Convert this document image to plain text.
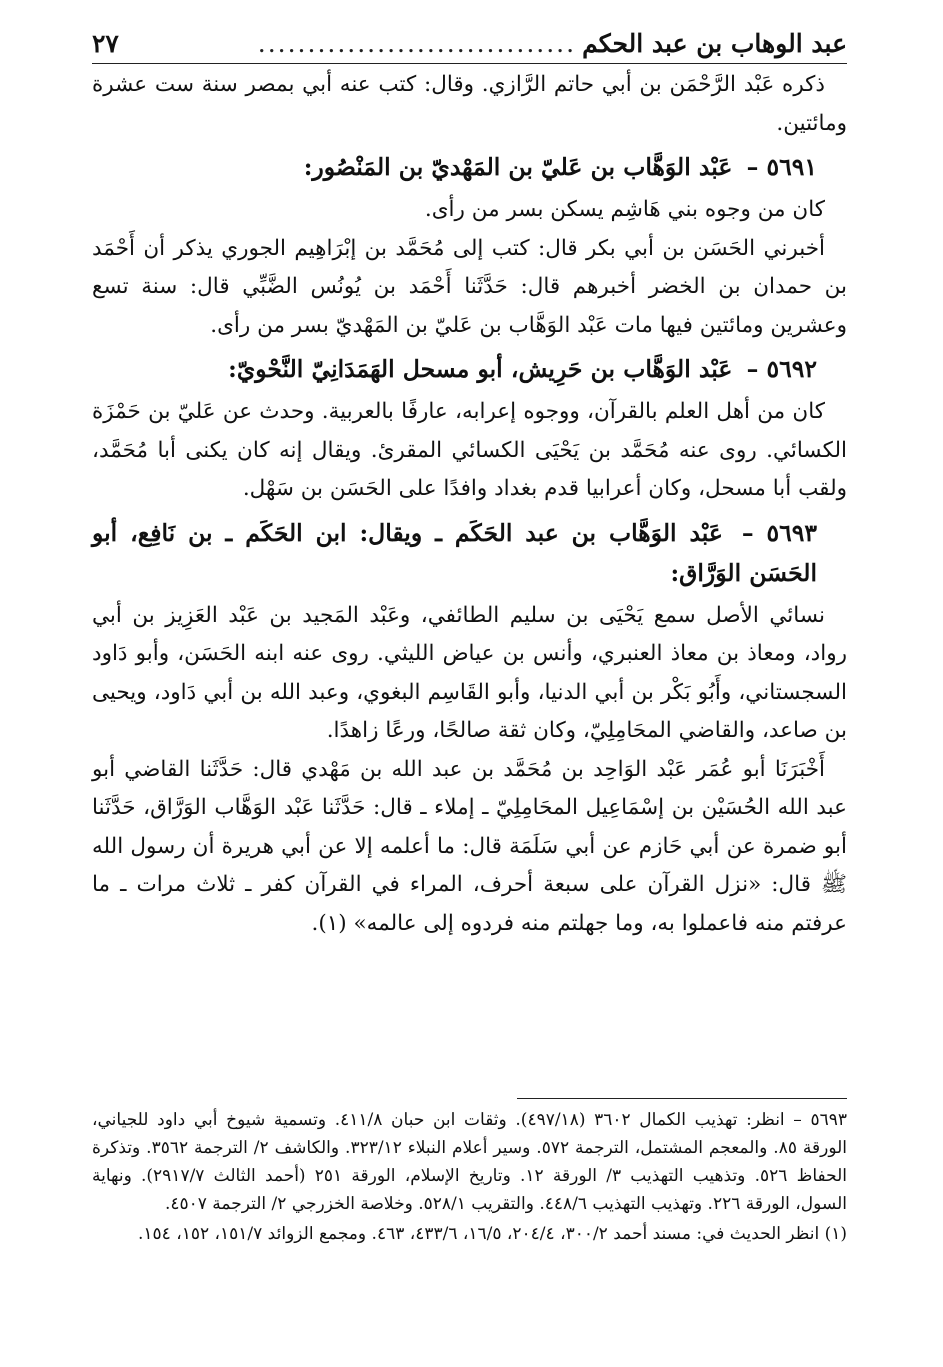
عبد الوهاب بن عبد الحكم
................................
٢٧

ذكره عَبْد الرَّحْمَن بن أبي حاتم الرَّازي. وقال: كتب عنه أبي بمصر سنة ست عشرة ومائتين.

٥٦٩١ – عَبْد الوَهَّاب بن عَليّ بن المَهْديّ بن المَنْصُور:

كان من وجوه بني هَاشِم يسكن بسر من رأى.

أخبرني الحَسَن بن أبي بكر قال: كتب إلى مُحَمَّد بن إبْرَاهِيم الجوري يذكر أن أَحْمَد بن حمدان بن الخضر أخبرهم قال: حَدَّثَنا أَحْمَد بن يُونُس الضَّبِّي قال: سنة تسع وعشرين ومائتين فيها مات عَبْد الوَهَّاب بن عَليّ بن المَهْديّ بسر من رأى.

٥٦٩٢ – عَبْد الوَهَّاب بن حَرِيش، أبو مسحل الهَمَدَانِيّ النَّحْويّ:

كان من أهل العلم بالقرآن، ووجوه إعرابه، عارفًا بالعربية. وحدث عن عَليّ بن حَمْزَة الكسائي. روى عنه مُحَمَّد بن يَحْيَى الكسائي المقرئ. ويقال إنه كان يكنى أبا مُحَمَّد، ولقب أبا مسحل، وكان أعرابيا قدم بغداد وافدًا على الحَسَن بن سَهْل.

٥٦٩٣ – عَبْد الوَهَّاب بن عبد الحَكَم ـ ويقال: ابن الحَكَم ـ بن نَافِع، أبو الحَسَن الوَرَّاق:

نسائي الأصل سمع يَحْيَى بن سليم الطائفي، وعَبْد المَجيد بن عَبْد العَزِيز بن أبي رواد، ومعاذ بن معاذ العنبري، وأنس بن عياض الليثي. روى عنه ابنه الحَسَن، وأبو دَاود السجستاني، وأَبُو بَكْر بن أبي الدنيا، وأبو القَاسِم البغوي، وعبد الله بن أبي دَاود، ويحيى بن صاعد، والقاضي المحَامِلِيّ، وكان ثقة صالحًا، ورعًا زاهدًا.

أَخْبَرَنَا أبو عُمَر عَبْد الوَاحِد بن مُحَمَّد بن عبد الله بن مَهْدي قال: حَدَّثَنا القاضي أبو عبد الله الحُسَيْن بن إسْمَاعِيل المحَامِلِيّ ـ إملاء ـ قال: حَدَّثَنا عَبْد الوَهَّاب الوَرَّاق، حَدَّثَنا أبو ضمرة عن أبي حَازم عن أبي سَلَمَة قال: ما أعلمه إلا عن أبي هريرة أن رسول الله ﷺ قال: «نزل القرآن على سبعة أحرف، المراء في القرآن كفر ـ ثلاث مرات ـ ما عرفتم منه فاعملوا به، وما جهلتم منه فردوه إلى عالمه» (١).

٥٦٩٣ – انظر: تهذيب الكمال ٣٦٠٢ (٤٩٧/١٨). وثقات ابن حبان ٤١١/٨. وتسمية شيوخ أبي داود للجياني، الورقة ٨٥. والمعجم المشتمل، الترجمة ٥٧٢. وسير أعلام النبلاء ٣٢٣/١٢. والكاشف ٢/ الترجمة ٣٥٦٢. وتذكرة الحفاظ ٥٢٦. وتذهيب التهذيب ٣/ الورقة ١٢. وتاريخ الإسلام، الورقة ٢٥١ (أحمد الثالث ٢٩١٧/٧). ونهاية السول، الورقة ٢٢٦. وتهذيب التهذيب ٤٤٨/٦. والتقريب ٥٢٨/١. وخلاصة الخزرجي ٢/ الترجمة ٤٥٠٧.

(١) انظر الحديث في: مسند أحمد ٣٠٠/٢، ٢٠٤/٤، ١٦/٥، ٤٣٣/٦، ٤٦٣. ومجمع الزوائد ١٥١/٧، ١٥٢، ١٥٤.
